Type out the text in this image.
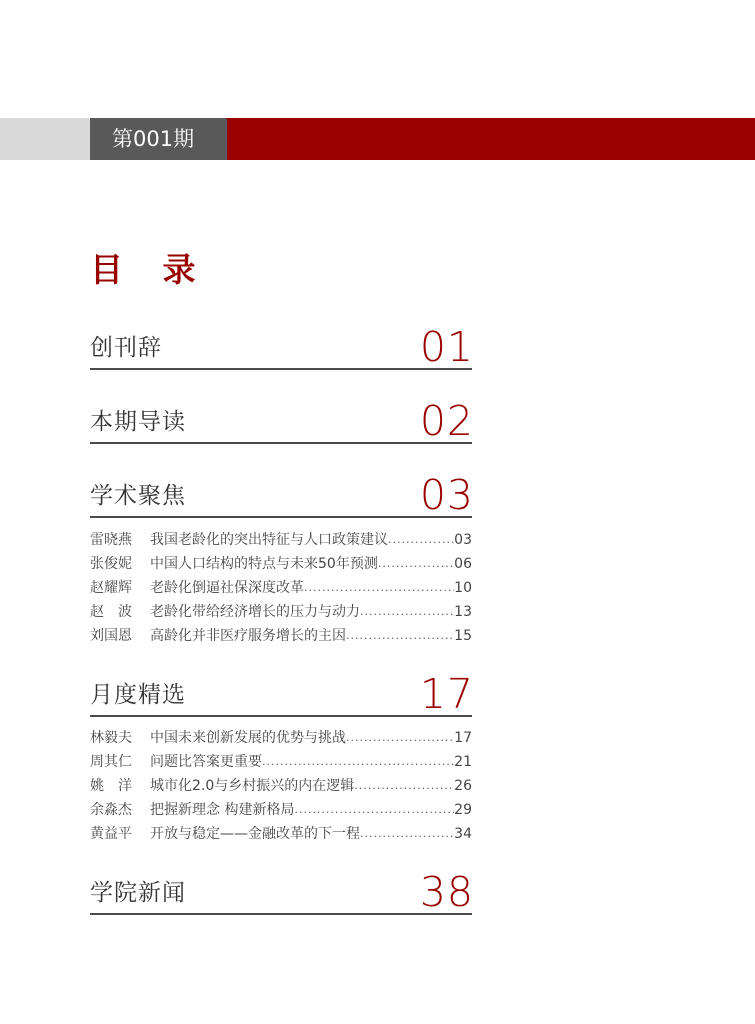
第001期
目 录
创刊辞	01
本期导读	02
学术聚焦	03
雷晓燕	我国老龄化的突出特征与人口政策建议 .....	03
张俊妮	中国人口结构的特点与未来50年预测 .....	06
赵耀辉	老龄化倒逼社保深度改革 .....	10
赵　波	老龄化带给经济增长的压力与动力 .....	13
刘国恩	高龄化并非医疗服务增长的主因 .....	15
月度精选	17
林毅夫	中国未来创新发展的优势与挑战 .....	17
周其仁	问题比答案更重要 .....	21
姚　洋	城市化2.0与乡村振兴的内在逻辑 .....	26
余淼杰	把握新理念 构建新格局 .....	29
黄益平	开放与稳定——金融改革的下一程 .....	34
学院新闻	38
